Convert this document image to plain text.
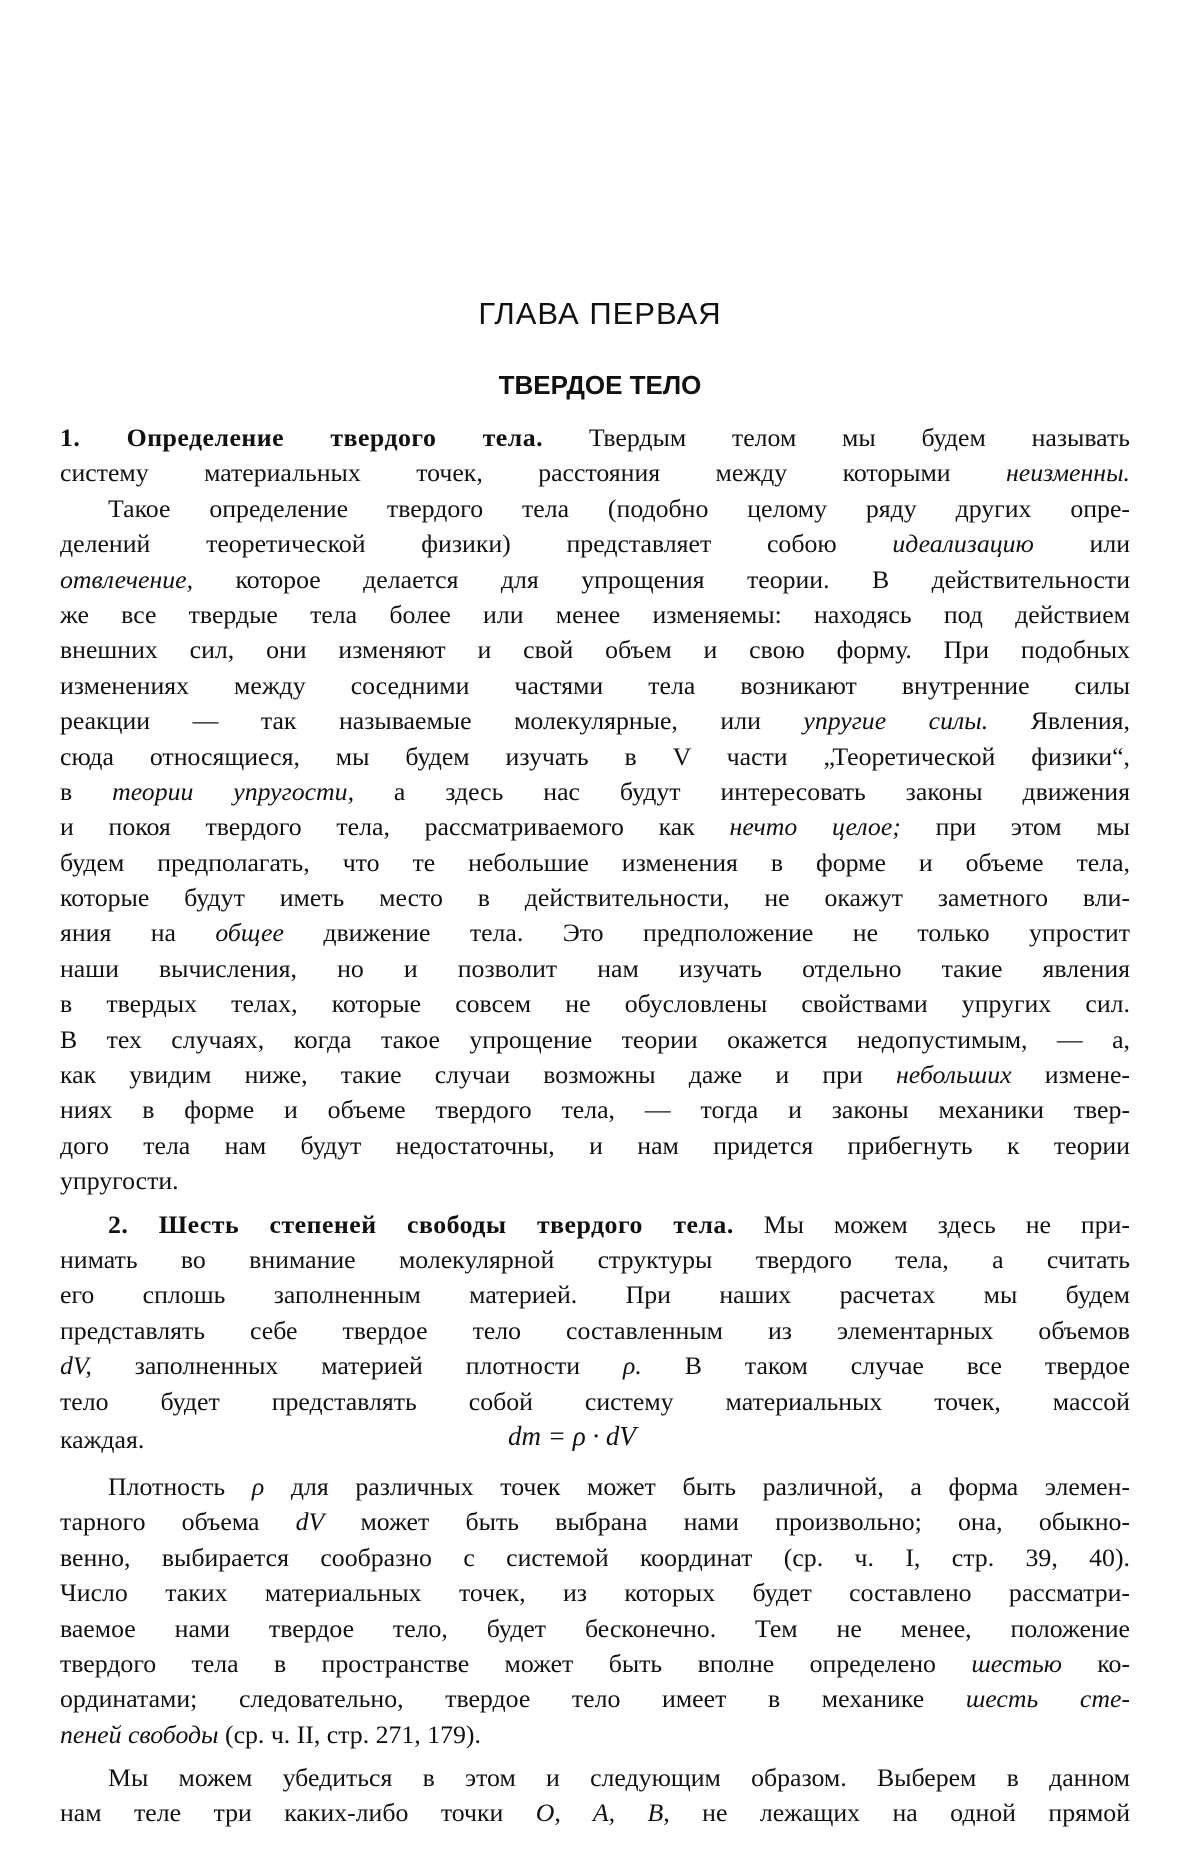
ГЛАВА ПЕРВАЯ
ТВЕРДОЕ ТЕЛО
1. Определение твердого тела. Твердым телом мы будем называть
систему материальных точек, расстояния между которыми неизменны.
Такое определение твердого тела (подобно целому ряду других опре-
делений теоретической физики) представляет собою идеализацию или
отвлечение, которое делается для упрощения теории. В действительности
же все твердые тела более или менее изменяемы: находясь под действием
внешних сил, они изменяют и свой объем и свою форму. При подобных
изменениях между соседними частями тела возникают внутренние силы
реакции — так называемые молекулярные, или упругие силы. Явления,
сюда относящиеся, мы будем изучать в V части „Теоретической физики“,
в теории упругости, а здесь нас будут интересовать законы движения
и покоя твердого тела, рассматриваемого как нечто целое; при этом мы
будем предполагать, что те небольшие изменения в форме и объеме тела,
которые будут иметь место в действительности, не окажут заметного вли-
яния на общее движение тела. Это предположение не только упростит
наши вычисления, но и позволит нам изучать отдельно такие явления
в твердых телах, которые совсем не обусловлены свойствами упругих сил.
В тех случаях, когда такое упрощение теории окажется недопустимым, — а,
как увидим ниже, такие случаи возможны даже и при небольших измене-
ниях в форме и объеме твердого тела, — тогда и законы механики твер-
дого тела нам будут недостаточны, и нам придется прибегнуть к теории
упругости.
2. Шесть степеней свободы твердого тела. Мы можем здесь не при-
нимать во внимание молекулярной структуры твердого тела, а считать
его сплошь заполненным материей. При наших расчетах мы будем
представлять себе твердое тело составленным из элементарных объемов
dV, заполненных материей плотности ρ. В таком случае все твердое
тело будет представлять собой систему материальных точек, массой
каждая.	dm = ρ · dV
Плотность ρ для различных точек может быть различной, а форма элемен-
тарного объема dV может быть выбрана нами произвольно; она, обыкно-
венно, выбирается сообразно с системой координат (ср. ч. I, стр. 39, 40).
Число таких материальных точек, из которых будет составлено рассматри-
ваемое нами твердое тело, будет бесконечно. Тем не менее, положение
твердого тела в пространстве может быть вполне определено шестью ко-
ординатами; следовательно, твердое тело имеет в механике шесть сте-
пеней свободы (ср. ч. II, стр. 271, 179).
Мы можем убедиться в этом и следующим образом. Выберем в данном
нам теле три каких-либо точки O, A, B, не лежащих на одной прямой
